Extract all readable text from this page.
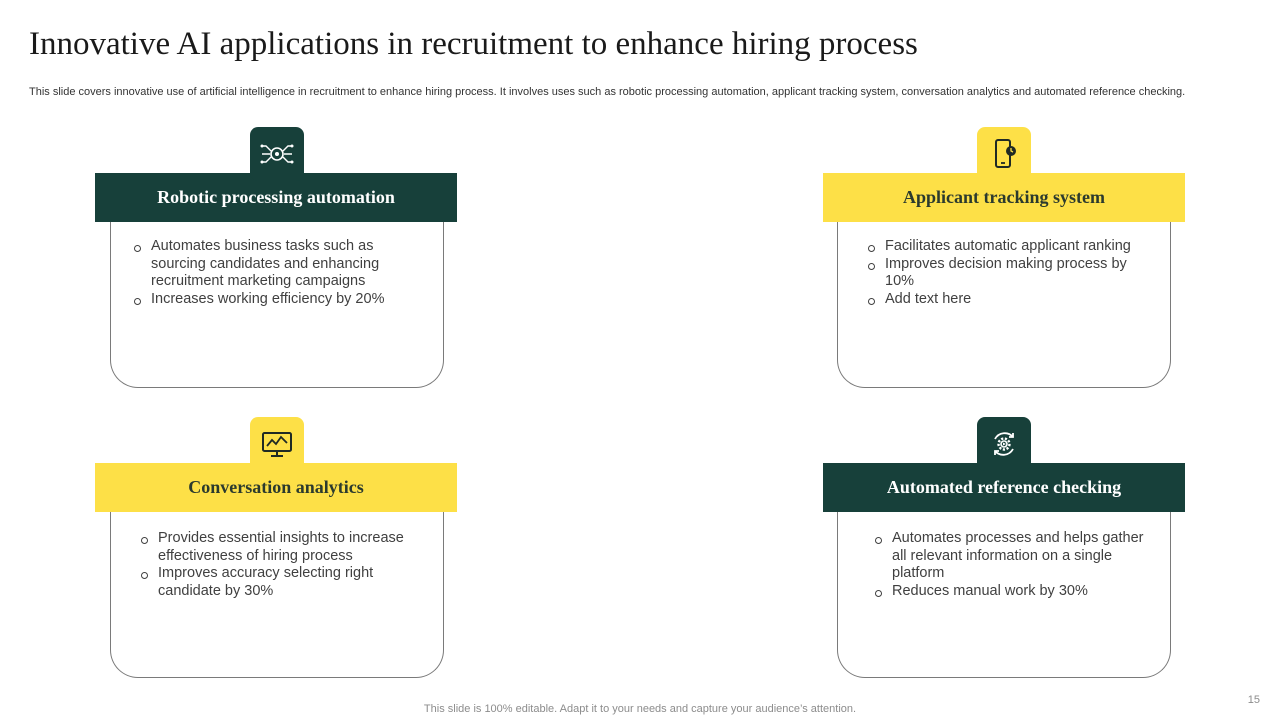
Innovative AI applications in recruitment to enhance hiring process
This slide covers innovative use of artificial intelligence in recruitment to enhance hiring process. It involves uses such as robotic processing automation, applicant tracking system, conversation analytics and automated reference checking.
Robotic processing automation
Automates business tasks such as sourcing candidates and enhancing recruitment marketing campaigns
Increases working efficiency by 20%
Applicant tracking system
Facilitates automatic applicant ranking
Improves decision making process by 10%
Add text here
Conversation analytics
Provides essential insights to increase effectiveness of hiring process
Improves accuracy selecting right candidate by 30%
Automated reference checking
Automates processes and helps gather all relevant information on a single platform
Reduces manual work by 30%
This slide is 100% editable. Adapt it to your needs and capture your audience’s attention.
15
